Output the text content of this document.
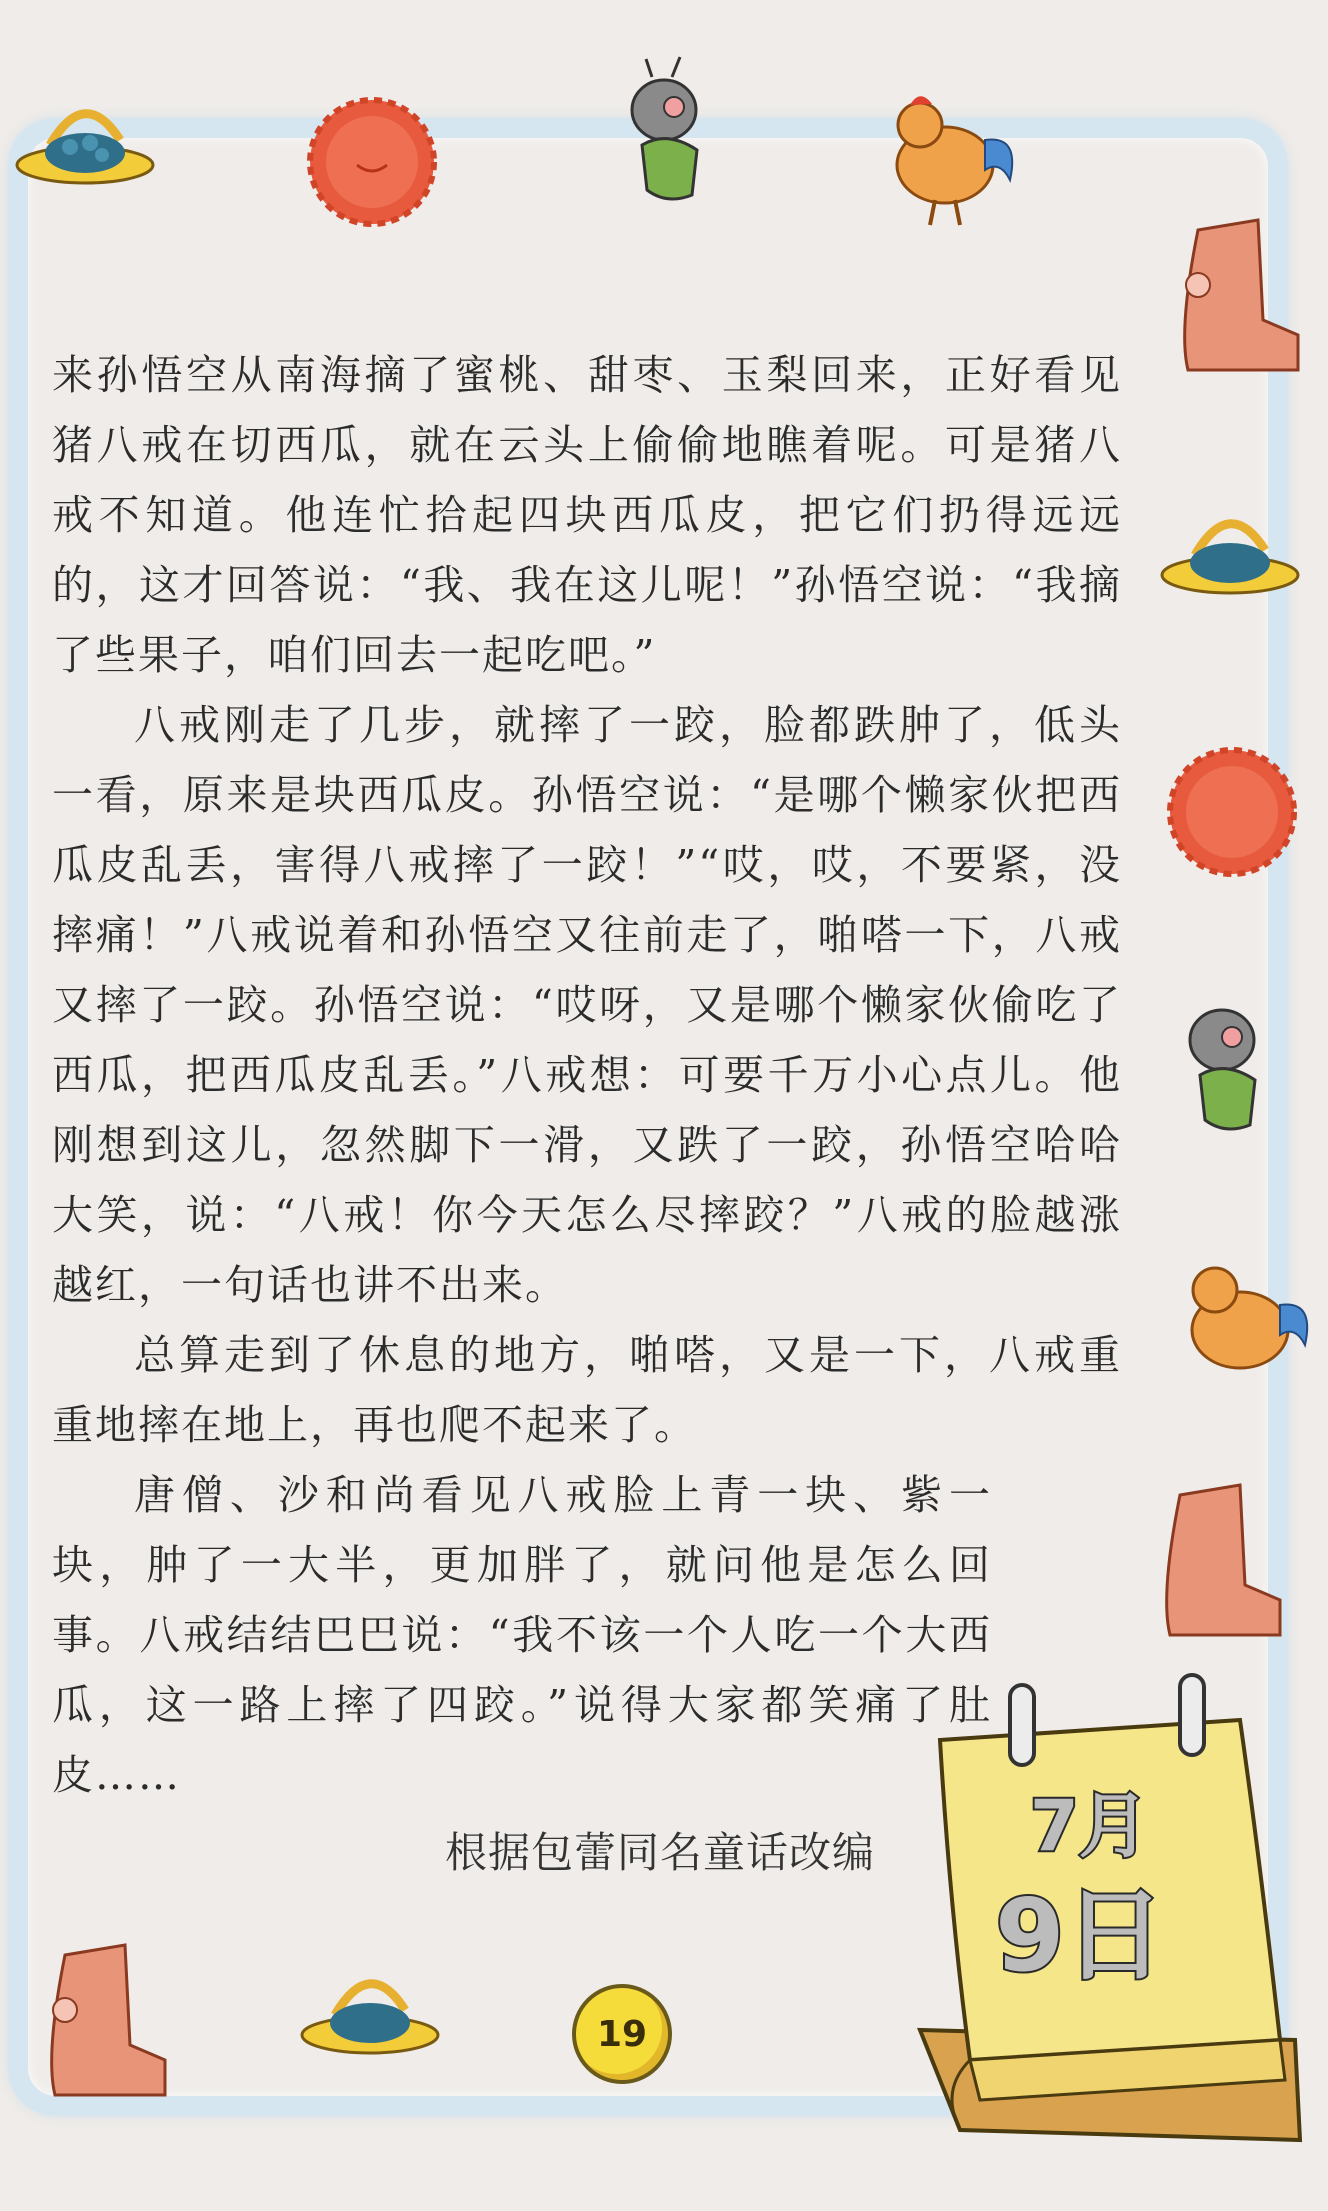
来孙悟空从南海摘了蜜桃、甜枣、玉梨回来，正好看见猪八戒在切西瓜，就在云头上偷偷地瞧着呢。可是猪八戒不知道。他连忙拾起四块西瓜皮，把它们扔得远远的，这才回答说：“我、我在这儿呢！”孙悟空说：“我摘了些果子，咱们回去一起吃吧。”

八戒刚走了几步，就摔了一跤，脸都跌肿了，低头一看，原来是块西瓜皮。孙悟空说：“是哪个懒家伙把西瓜皮乱丢，害得八戒摔了一跤！”“哎，哎，不要紧，没摔痛！”八戒说着和孙悟空又往前走了，啪嗒一下，八戒又摔了一跤。孙悟空说：“哎呀，又是哪个懒家伙偷吃了西瓜，把西瓜皮乱丢。”八戒想：可要千万小心点儿。他刚想到这儿，忽然脚下一滑，又跌了一跤，孙悟空哈哈大笑，说：“八戒！你今天怎么尽摔跤？”八戒的脸越涨越红，一句话也讲不出来。

总算走到了休息的地方，啪嗒，又是一下，八戒重重地摔在地上，再也爬不起来了。

唐僧、沙和尚看见八戒脸上青一块、紫一块，肿了一大半，更加胖了，就问他是怎么回事。八戒结结巴巴说：“我不该一个人吃一个大西瓜，这一路上摔了四跤。”说得大家都笑痛了肚皮……

根据包蕾同名童话改编
19
7月
9日
